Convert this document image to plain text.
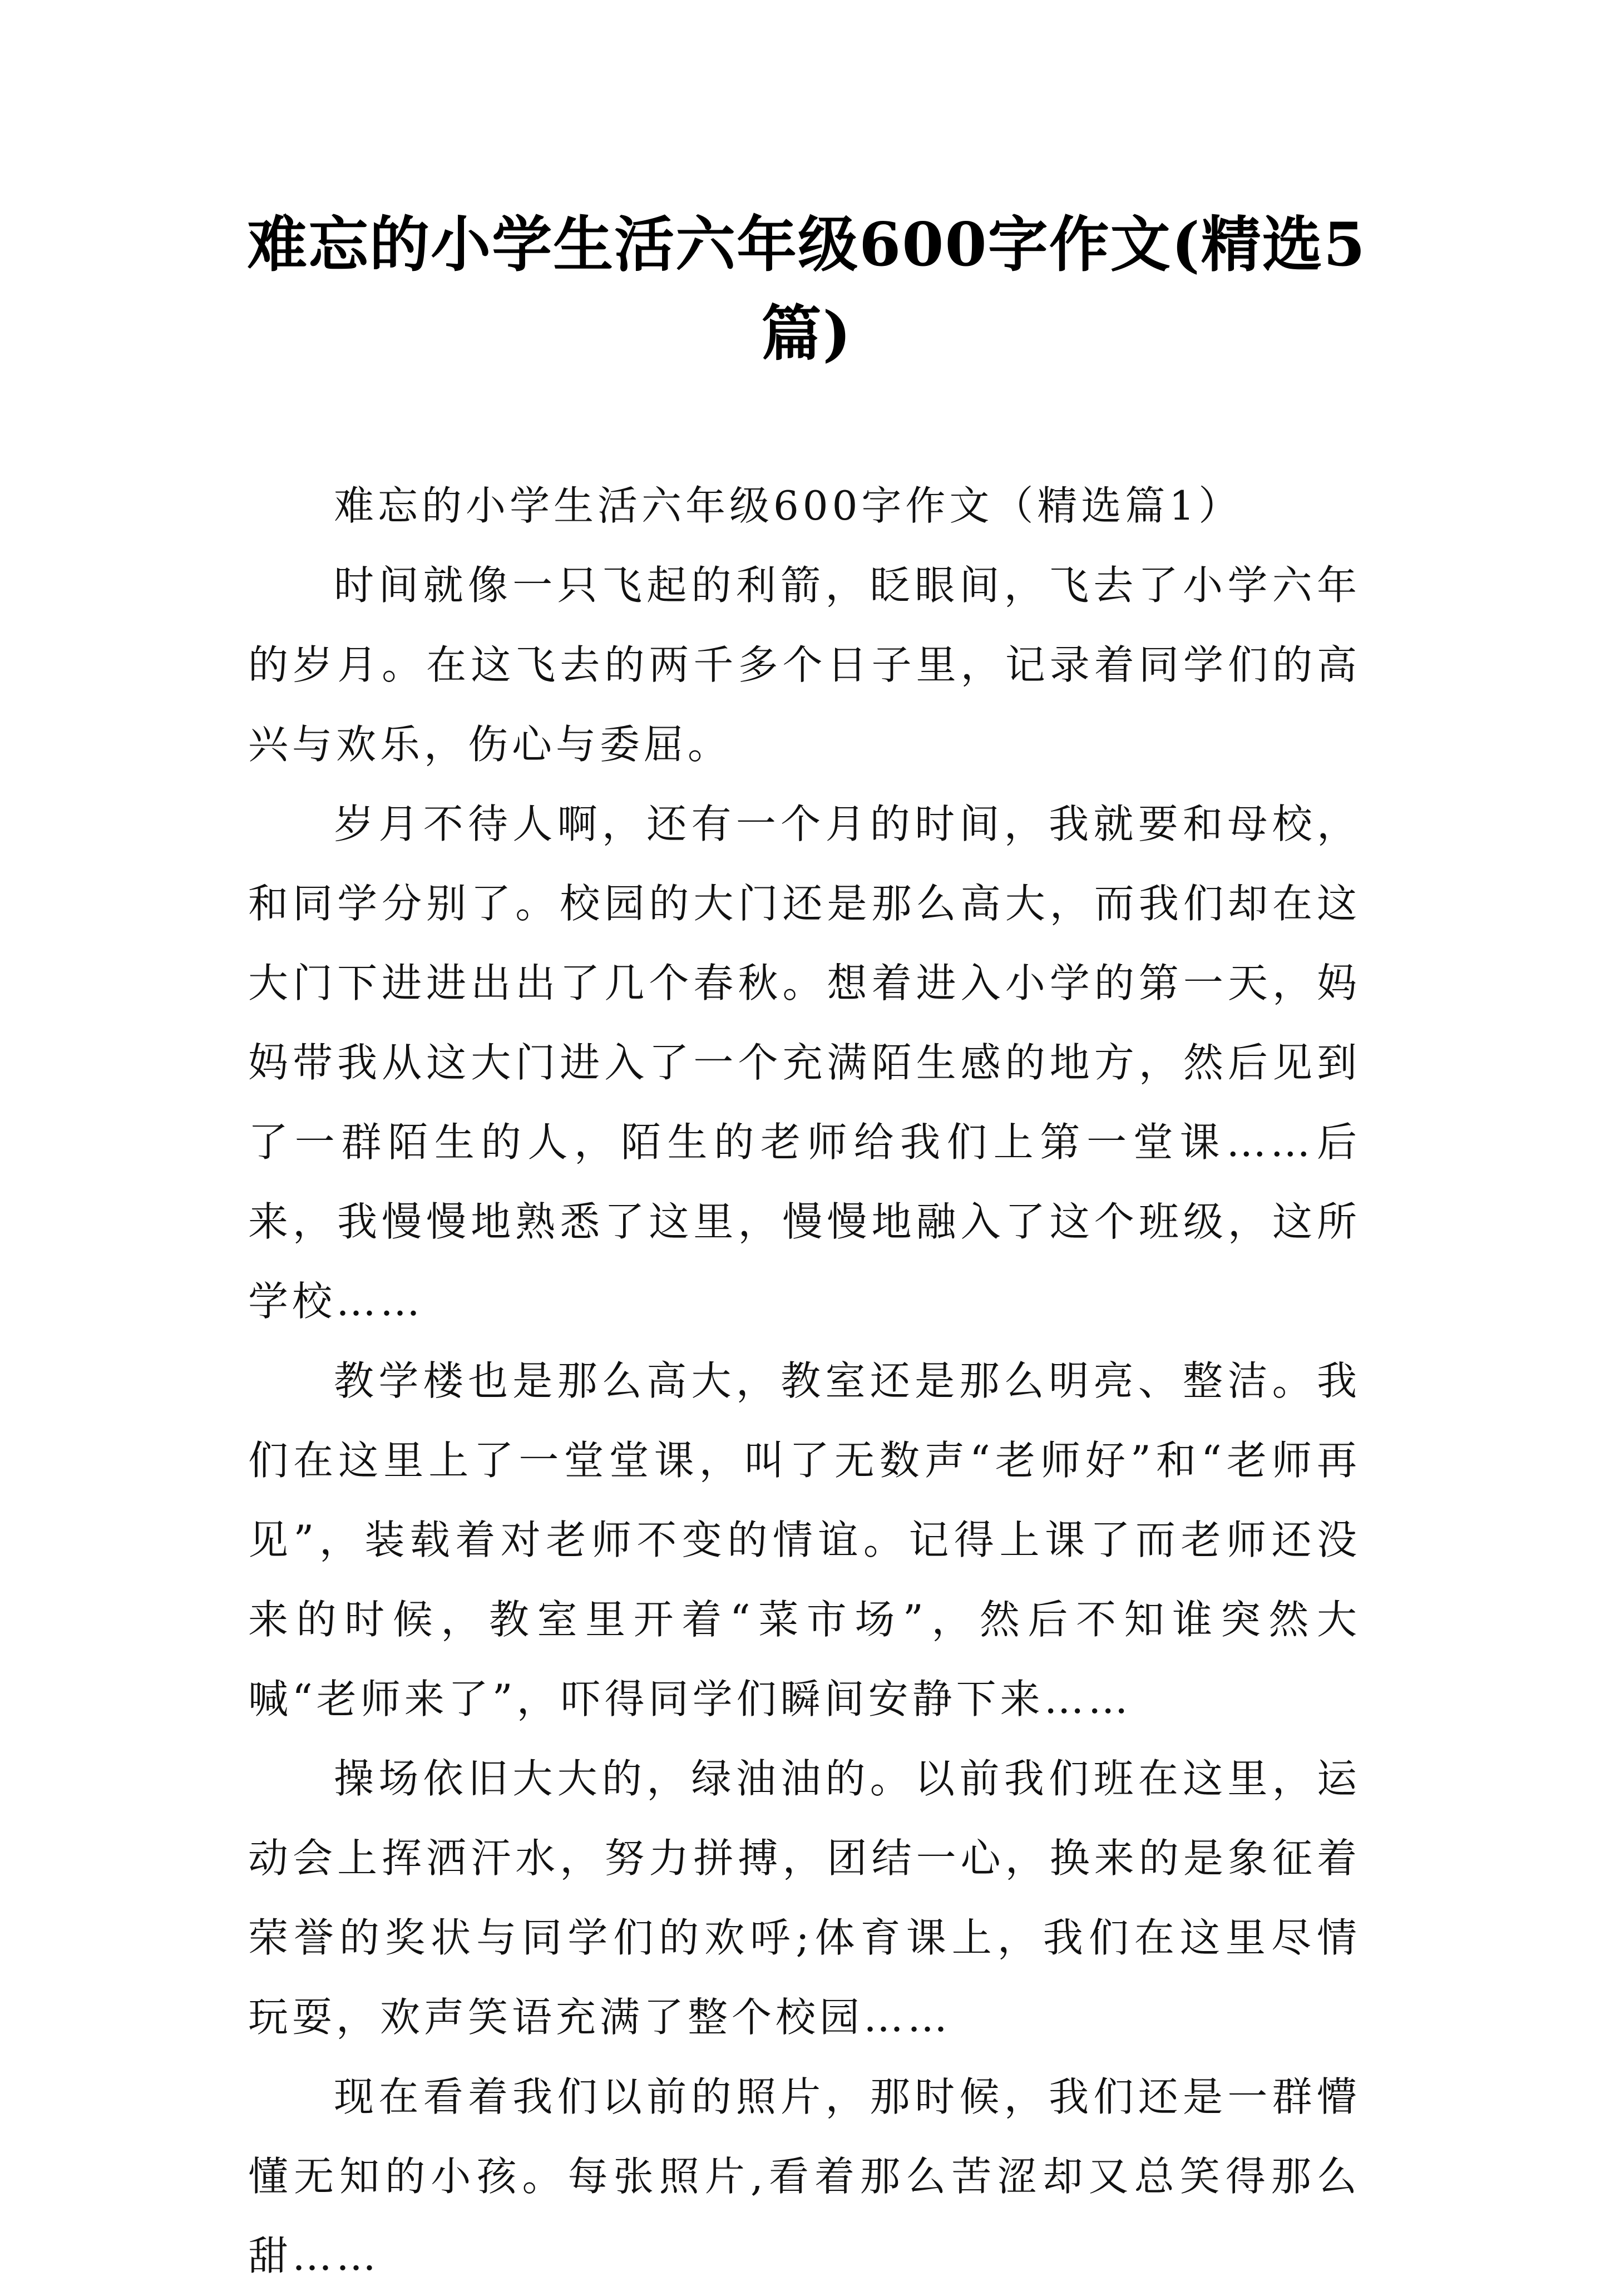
难忘的小学生活六年级600字作文(精选5篇)

难忘的小学生活六年级600字作文（精选篇1）

时间就像一只飞起的利箭，眨眼间，飞去了小学六年的岁月。在这飞去的两千多个日子里，记录着同学们的高兴与欢乐，伤心与委屈。

岁月不待人啊，还有一个月的时间，我就要和母校，和同学分别了。校园的大门还是那么高大，而我们却在这大门下进进出出了几个春秋。想着进入小学的第一天，妈妈带我从这大门进入了一个充满陌生感的地方，然后见到了一群陌生的人，陌生的老师给我们上第一堂课……后来，我慢慢地熟悉了这里，慢慢地融入了这个班级，这所学校……

教学楼也是那么高大，教室还是那么明亮、整洁。我们在这里上了一堂堂课，叫了无数声“老师好”和“老师再见”，装载着对老师不变的情谊。记得上课了而老师还没来的时候，教室里开着“菜市场”，然后不知谁突然大喊“老师来了”，吓得同学们瞬间安静下来……

操场依旧大大的，绿油油的。以前我们班在这里，运动会上挥洒汗水，努力拼搏，团结一心，换来的是象征着荣誉的奖状与同学们的欢呼;体育课上，我们在这里尽情玩耍，欢声笑语充满了整个校园……

现在看着我们以前的照片，那时候，我们还是一群懵懂无知的小孩。每张照片,看着那么苦涩却又总笑得那么甜……
